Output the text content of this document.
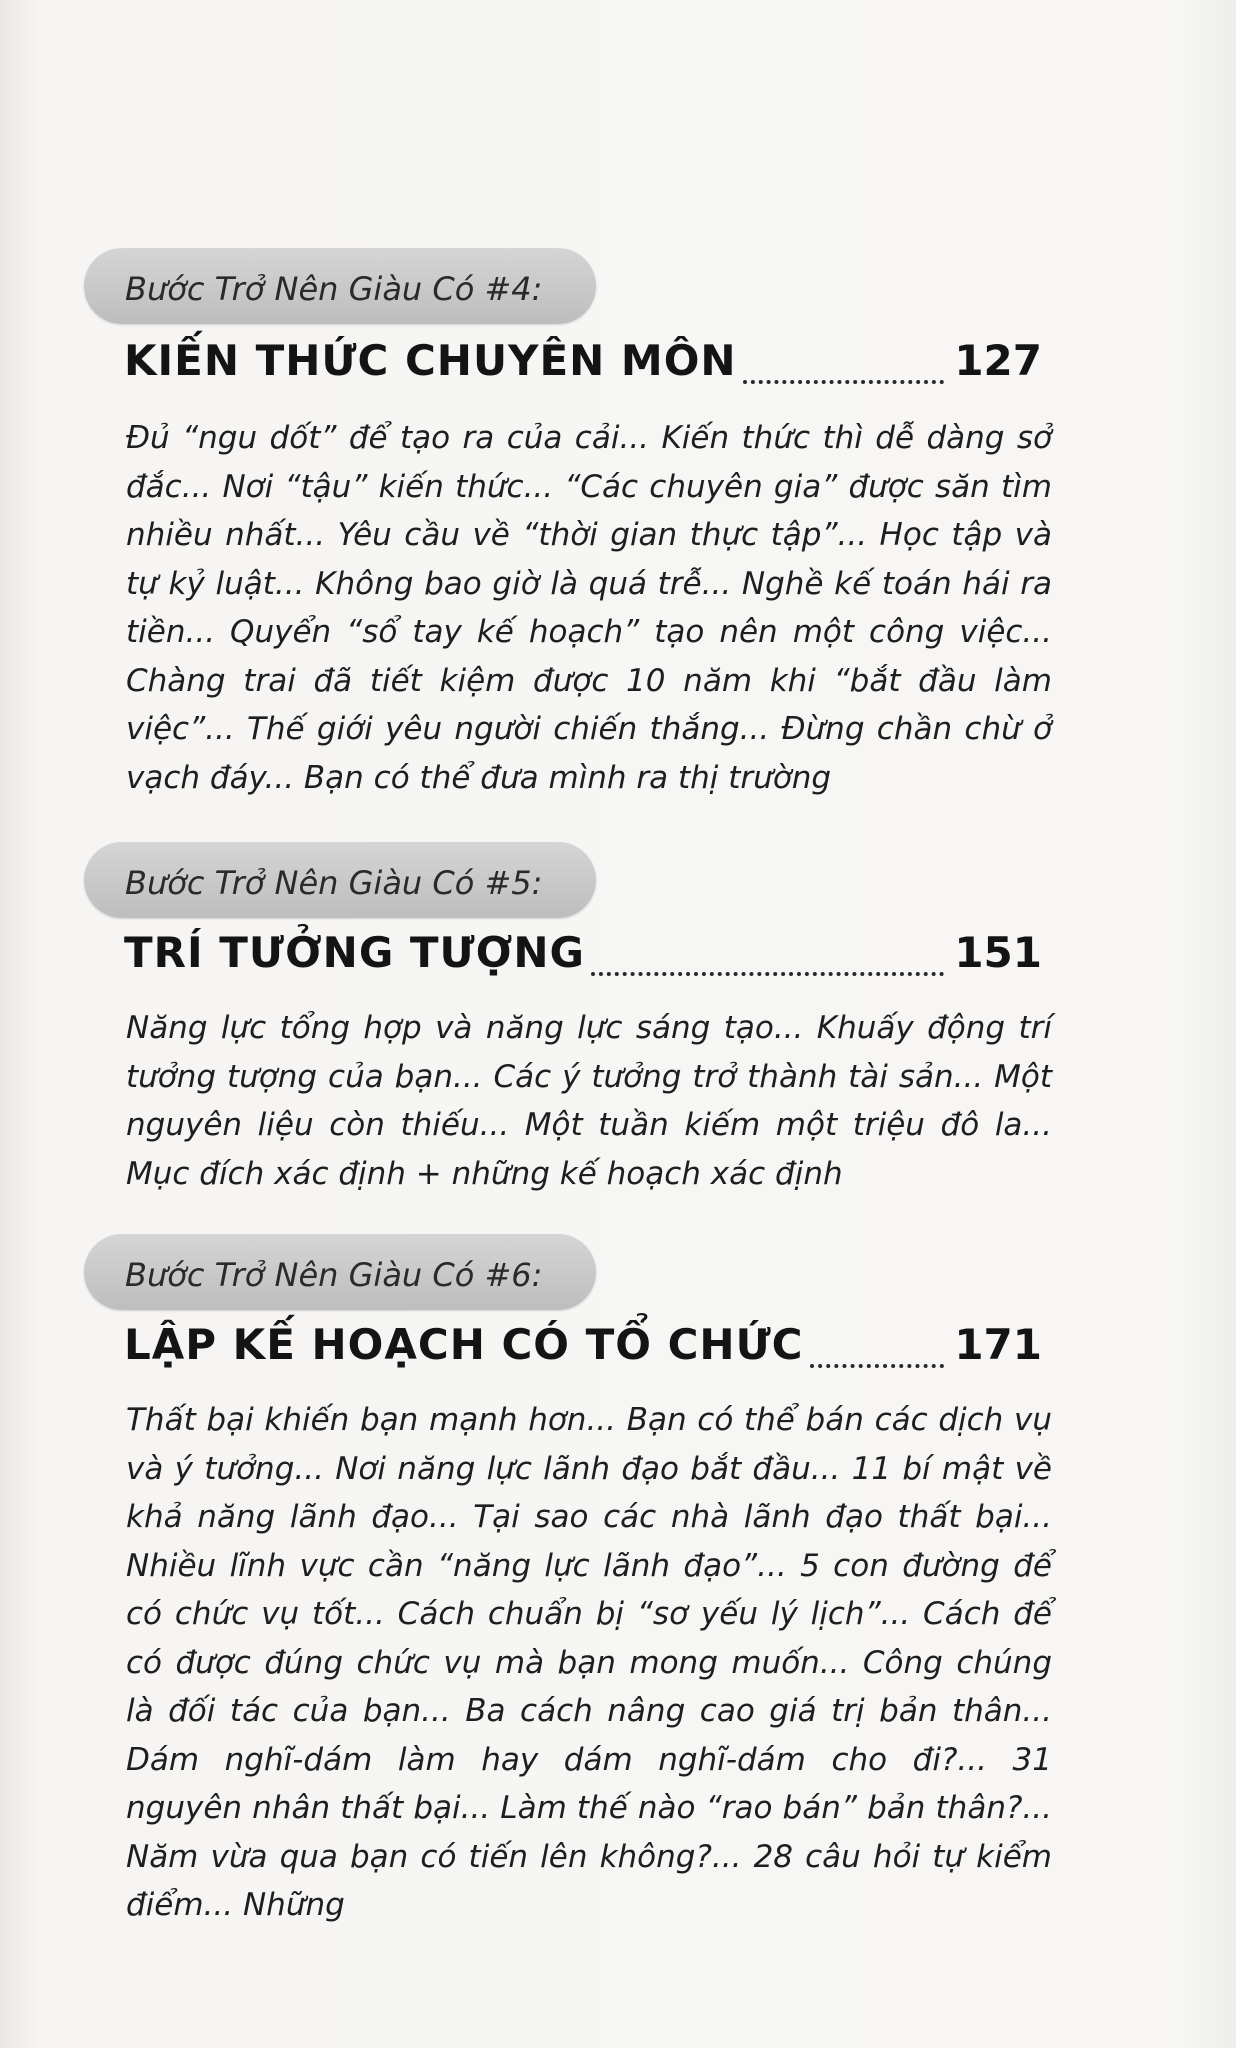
Bước Trở Nên Giàu Có #4:
KIẾN THỨC CHUYÊN MÔN	127

Đủ “ngu dốt” để tạo ra của cải... Kiến thức thì dễ dàng sở đắc... Nơi “tậu” kiến thức... “Các chuyên gia” được săn tìm nhiều nhất... Yêu cầu về “thời gian thực tập”... Học tập và tự kỷ luật... Không bao giờ là quá trễ... Nghề kế toán hái ra tiền... Quyển “sổ tay kế hoạch” tạo nên một công việc... Chàng trai đã tiết kiệm được 10 năm khi “bắt đầu làm việc”... Thế giới yêu người chiến thắng... Đừng chần chừ ở vạch đáy... Bạn có thể đưa mình ra thị trường

Bước Trở Nên Giàu Có #5:
TRÍ TƯỞNG TƯỢNG	151

Năng lực tổng hợp và năng lực sáng tạo... Khuấy động trí tưởng tượng của bạn... Các ý tưởng trở thành tài sản... Một nguyên liệu còn thiếu... Một tuần kiếm một triệu đô la... Mục đích xác định + những kế hoạch xác định

Bước Trở Nên Giàu Có #6:
LẬP KẾ HOẠCH CÓ TỔ CHỨC	171

Thất bại khiến bạn mạnh hơn... Bạn có thể bán các dịch vụ và ý tưởng... Nơi năng lực lãnh đạo bắt đầu... 11 bí mật về khả năng lãnh đạo... Tại sao các nhà lãnh đạo thất bại... Nhiều lĩnh vực cần “năng lực lãnh đạo”... 5 con đường để có chức vụ tốt... Cách chuẩn bị “sơ yếu lý lịch”... Cách để có được đúng chức vụ mà bạn mong muốn... Công chúng là đối tác của bạn... Ba cách nâng cao giá trị bản thân... Dám nghĩ-dám làm hay dám nghĩ-dám cho đi?... 31 nguyên nhân thất bại... Làm thế nào “rao bán” bản thân?... Năm vừa qua bạn có tiến lên không?... 28 câu hỏi tự kiểm điểm... Những
